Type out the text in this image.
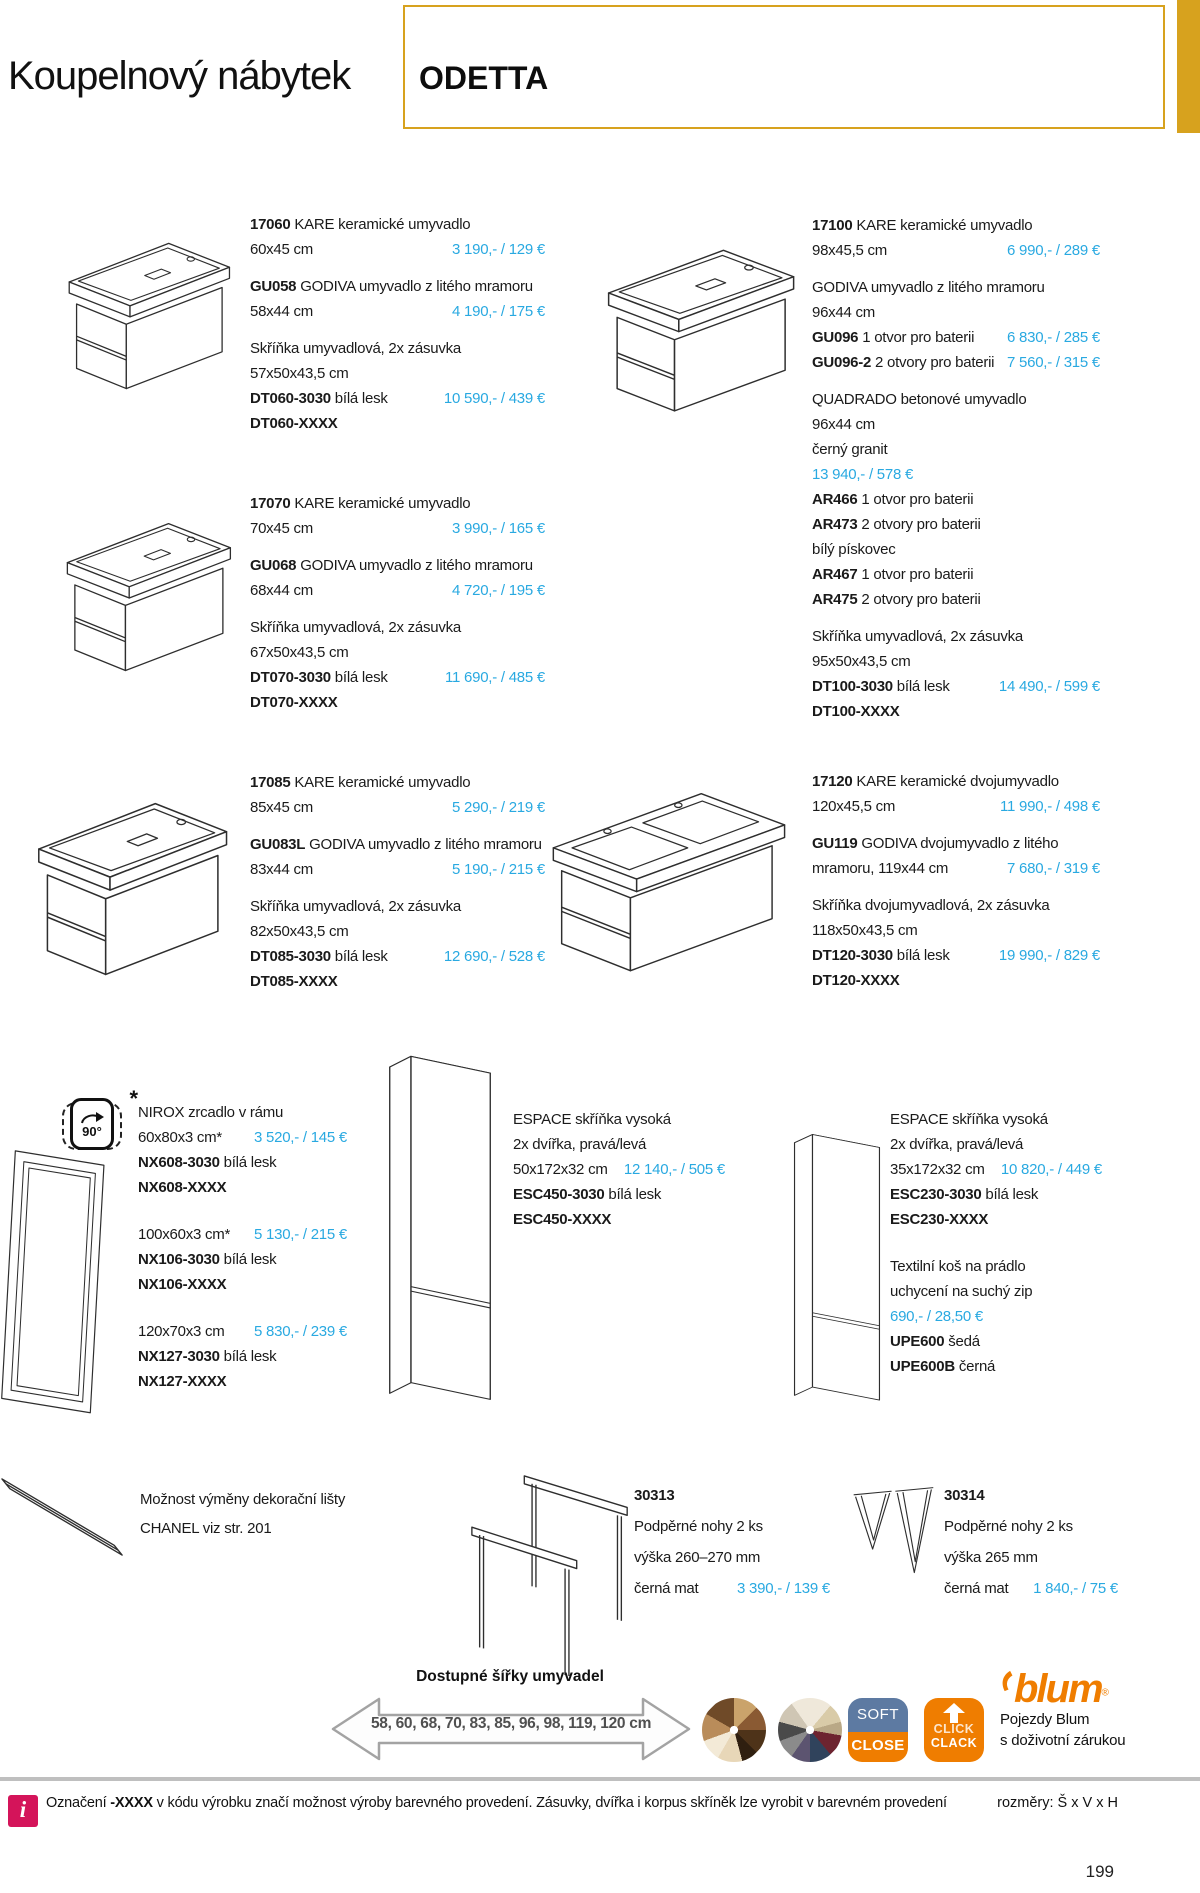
Koupelnový nábytek ODETTA
90°
*
17060 KARE keramické umyvadlo
60x45 cm	3 190,- / 129 €
GU058 GODIVA umyvadlo z litého mramoru
58x44 cm	4 190,- / 175 €
Skříňka umyvadlová, 2x zásuvka
57x50x43,5 cm
DT060-3030 bílá lesk	10 590,- / 439 €
DT060-XXXX
17070 KARE keramické umyvadlo
70x45 cm	3 990,- / 165 €
GU068 GODIVA umyvadlo z litého mramoru
68x44 cm	4 720,- / 195 €
Skříňka umyvadlová, 2x zásuvka
67x50x43,5 cm
DT070-3030 bílá lesk	11 690,- / 485 €
DT070-XXXX
17085 KARE keramické umyvadlo
85x45 cm	5 290,- / 219 €
GU083L GODIVA umyvadlo z litého mramoru
83x44 cm	5 190,- / 215 €
Skříňka umyvadlová, 2x zásuvka
82x50x43,5 cm
DT085-3030 bílá lesk	12 690,- / 528 €
DT085-XXXX
17100 KARE keramické umyvadlo
98x45,5 cm	6 990,- / 289 €
GODIVA umyvadlo z litého mramoru
96x44 cm
GU096 1 otvor pro baterii 6 830,- / 285 €
GU096-2 2 otvory pro baterii 7 560,- / 315 €
QUADRADO betonové umyvadlo
96x44 cm
černý granit
13 940,- / 578 €
AR466 1 otvor pro baterii
AR473 2 otvory pro baterii
bílý pískovec
AR467 1 otvor pro baterii
AR475 2 otvory pro baterii
Skříňka umyvadlová, 2x zásuvka
95x50x43,5 cm
DT100-3030 bílá lesk	14 490,- / 599 €
DT100-XXXX
17120 KARE keramické dvojumyvadlo
120x45,5 cm	11 990,- / 498 €
GU119 GODIVA dvojumyvadlo z litého
mramoru, 119x44 cm	7 680,- / 319 €
Skříňka dvojumyvadlová, 2x zásuvka
118x50x43,5 cm
DT120-3030 bílá lesk	19 990,- / 829 €
DT120-XXXX
NIROX zrcadlo v rámu
60x80x3 cm* 3 520,- / 145 €
NX608-3030 bílá lesk
NX608-XXXX
100x60x3 cm* 5 130,- / 215 €
NX106-3030 bílá lesk
NX106-XXXX
120x70x3 cm 5 830,- / 239 €
NX127-3030 bílá lesk
NX127-XXXX
ESPACE skříňka vysoká
2x dvířka, pravá/levá
50x172x32 cm 12 140,- / 505 €
ESC450-3030 bílá lesk
ESC450-XXXX
ESPACE skříňka vysoká
2x dvířka, pravá/levá
35x172x32 cm 10 820,- / 449 €
ESC230-3030 bílá lesk
ESC230-XXXX
Textilní koš na prádlo
uchycení na suchý zip
690,- / 28,50 €
UPE600 šedá
UPE600B černá
Možnost výměny dekorační lišty
CHANEL viz str. 201
30313
Podpěrné nohy 2 ks
výška 260–270 mm
černá mat	3 390,- / 139 €
30314
Podpěrné nohy 2 ks
výška 265 mm
černá mat 1 840,- / 75 €
Dostupné šířky umyvadel
58, 60, 68, 70, 83, 85, 96, 98, 119, 120 cm
SOFT
CLOSE
CLICK
CLACK
blum®
Pojezdy Blum
s doživotní zárukou
i	Označení -XXXX v kódu výrobku značí možnost výroby barevného provedení. Zásuvky, dvířka i korpus skříněk lze vyrobit v barevném provedení	rozměry: Š x V x H
199
